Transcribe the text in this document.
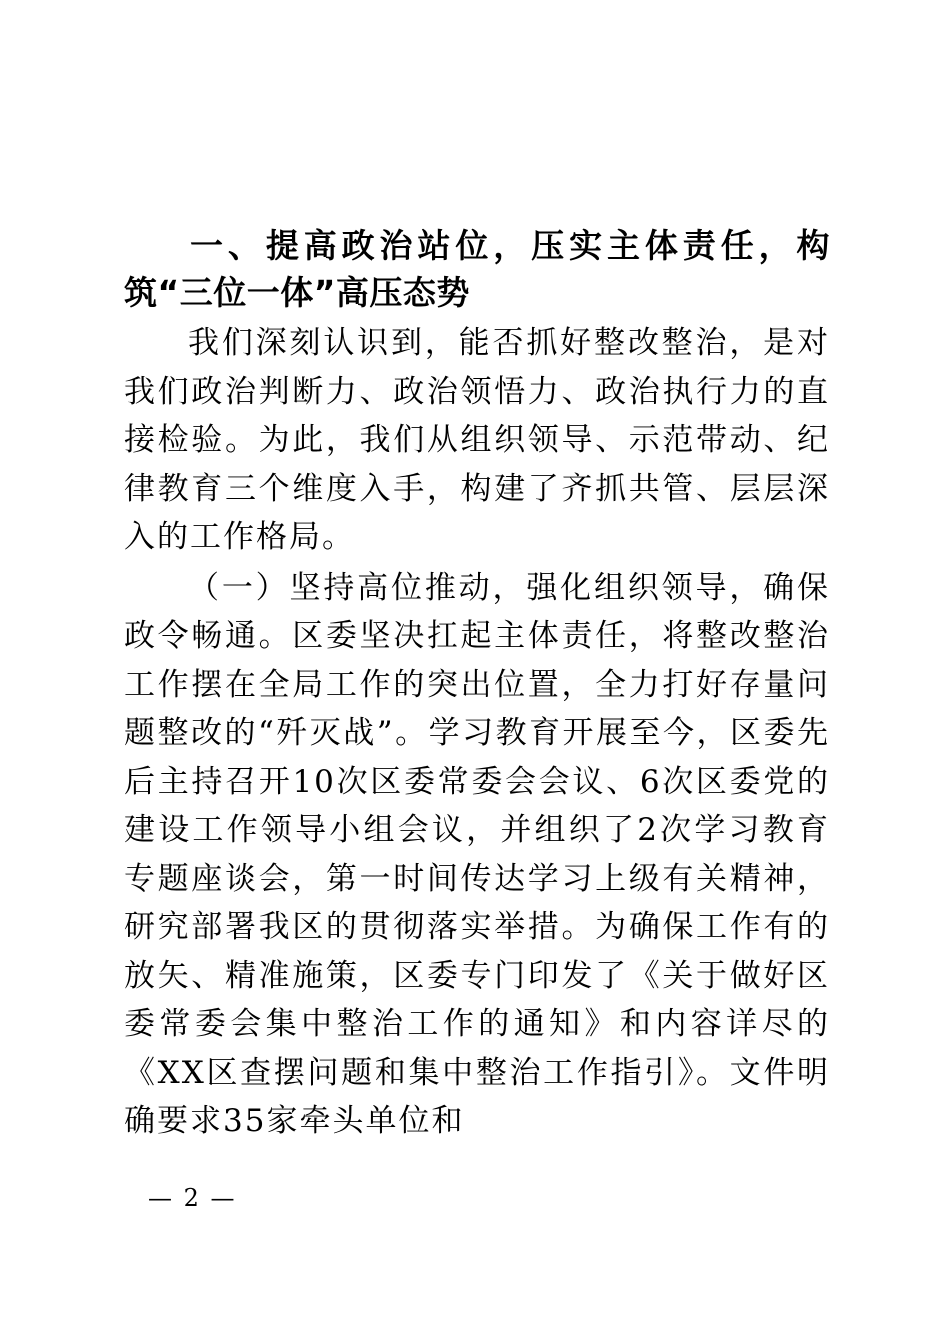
一、提高政治站位，压实主体责任，构筑“三位一体”高压态势

我们深刻认识到，能否抓好整改整治，是对我们政治判断力、政治领悟力、政治执行力的直接检验。为此，我们从组织领导、示范带动、纪律教育三个维度入手，构建了齐抓共管、层层深入的工作格局。

（一）坚持高位推动，强化组织领导，确保政令畅通。区委坚决扛起主体责任，将整改整治工作摆在全局工作的突出位置，全力打好存量问题整改的“歼灭战”。学习教育开展至今，区委先后主持召开10次区委常委会会议、6次区委党的建设工作领导小组会议，并组织了2次学习教育专题座谈会，第一时间传达学习上级有关精神，研究部署我区的贯彻落实举措。为确保工作有的放矢、精准施策，区委专门印发了《关于做好区委常委会集中整治工作的通知》和内容详尽的《XX区查摆问题和集中整治工作指引》。文件明确要求35家牵头单位和

— 2 —
